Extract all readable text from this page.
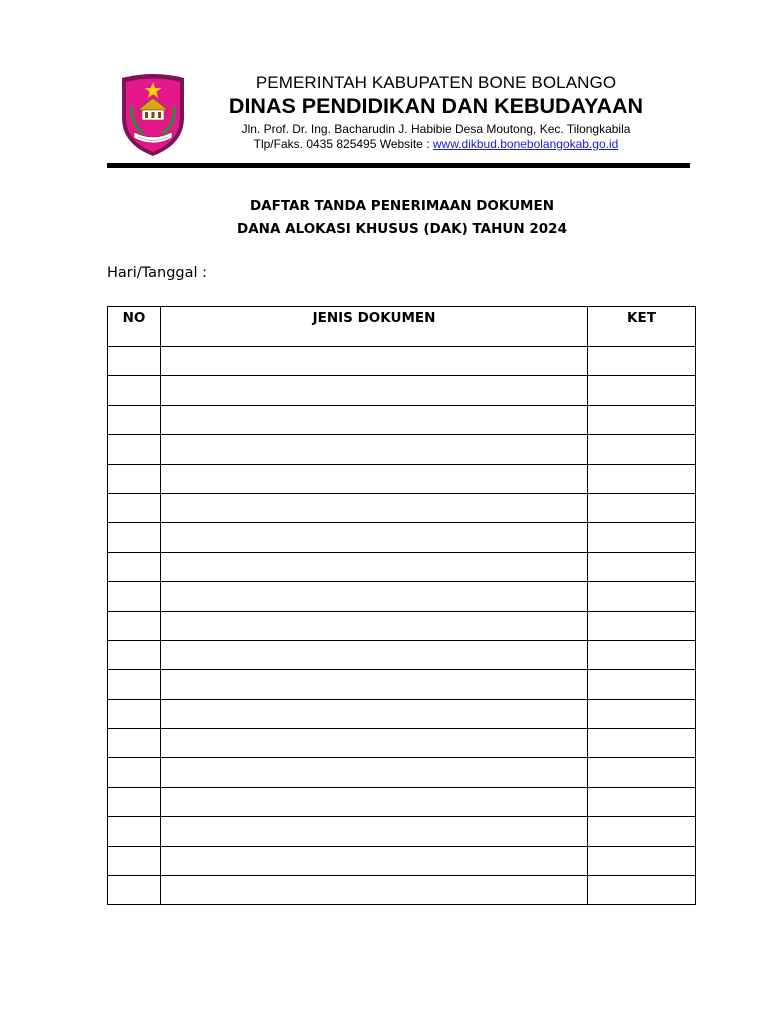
PEMERINTAH KABUPATEN BONE BOLANGO
DINAS PENDIDIKAN DAN KEBUDAYAAN
Jln. Prof. Dr. Ing. Bacharudin J. Habibie Desa Moutong, Kec. Tilongkabila
Tlp/Faks. 0435 825495 Website : www.dikbud.bonebolangokab.go.id
DAFTAR TANDA PENERIMAAN DOKUMEN
DANA ALOKASI KHUSUS (DAK) TAHUN 2024
Hari/Tanggal :
NO	JENIS DOKUMEN	KET
